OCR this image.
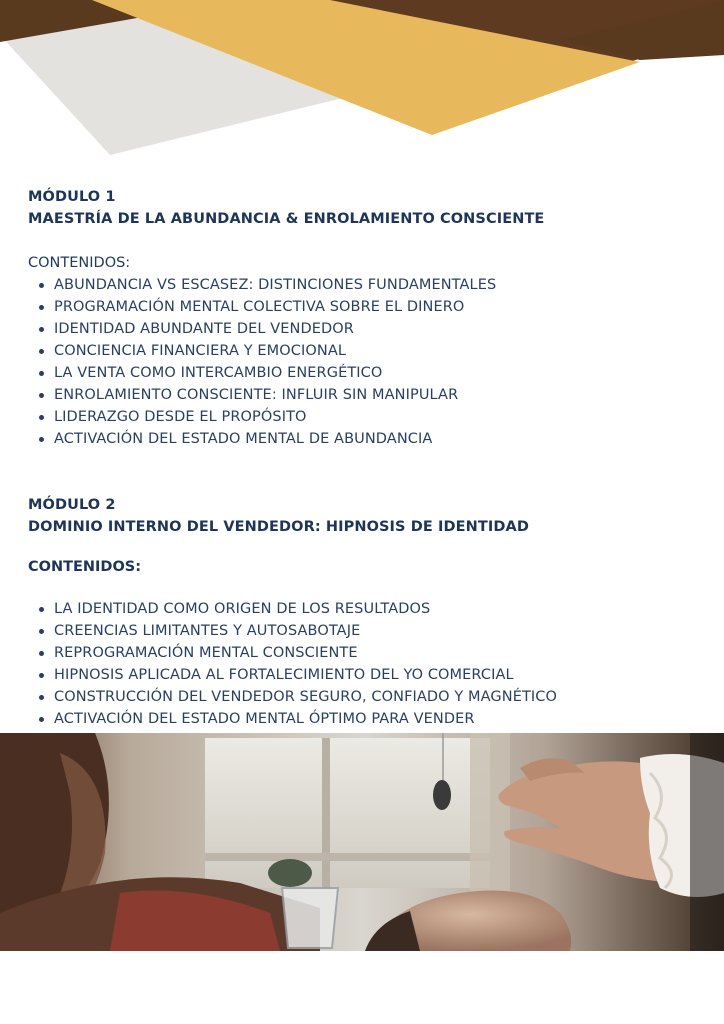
MÓDULO 1
MAESTRÍA DE LA ABUNDANCIA & ENROLAMIENTO CONSCIENTE
CONTENIDOS:
ABUNDANCIA VS ESCASEZ: DISTINCIONES FUNDAMENTALES
PROGRAMACIÓN MENTAL COLECTIVA SOBRE EL DINERO
IDENTIDAD ABUNDANTE DEL VENDEDOR
CONCIENCIA FINANCIERA Y EMOCIONAL
LA VENTA COMO INTERCAMBIO ENERGÉTICO
ENROLAMIENTO CONSCIENTE: INFLUIR SIN MANIPULAR
LIDERAZGO DESDE EL PROPÓSITO
ACTIVACIÓN DEL ESTADO MENTAL DE ABUNDANCIA
MÓDULO 2
DOMINIO INTERNO DEL VENDEDOR: HIPNOSIS DE IDENTIDAD
CONTENIDOS:
LA IDENTIDAD COMO ORIGEN DE LOS RESULTADOS
CREENCIAS LIMITANTES Y AUTOSABOTAJE
REPROGRAMACIÓN MENTAL CONSCIENTE
HIPNOSIS APLICADA AL FORTALECIMIENTO DEL YO COMERCIAL
CONSTRUCCIÓN DEL VENDEDOR SEGURO, CONFIADO Y MAGNÉTICO
ACTIVACIÓN DEL ESTADO MENTAL ÓPTIMO PARA VENDER
